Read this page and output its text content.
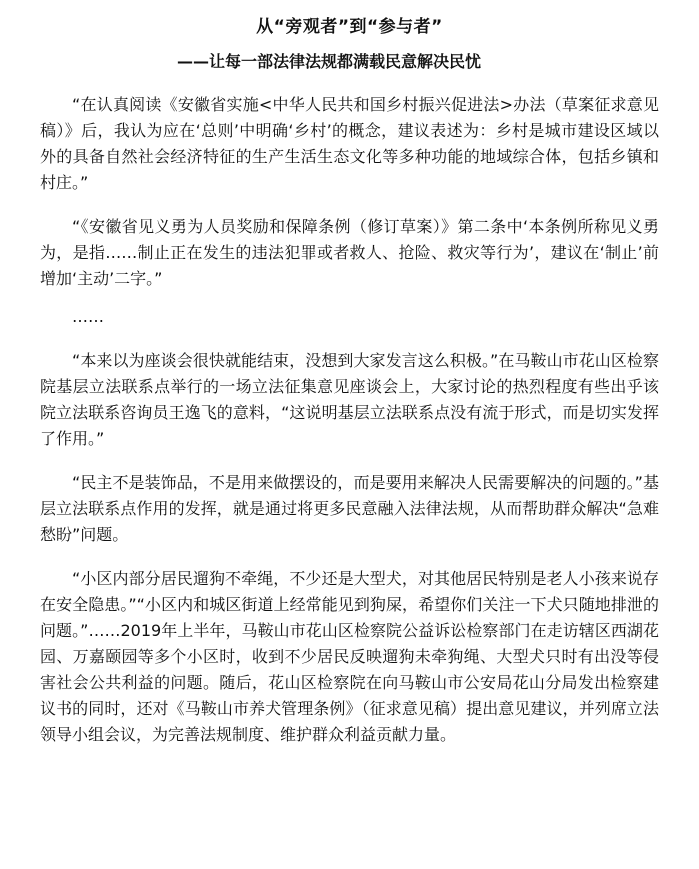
从“旁观者”到“参与者”
——让每一部法律法规都满载民意解决民忧

“在认真阅读《安徽省实施<中华人民共和国乡村振兴促进法>办法（草案征求意见稿）》后，我认为应在‘总则’中明确‘乡村’的概念，建议表述为：乡村是城市建设区域以外的具备自然社会经济特征的生产生活生态文化等多种功能的地域综合体，包括乡镇和村庄。”

“《安徽省见义勇为人员奖励和保障条例（修订草案）》第二条中‘本条例所称见义勇为，是指……制止正在发生的违法犯罪或者救人、抢险、救灾等行为’，建议在‘制止’前增加‘主动’二字。”

……

“本来以为座谈会很快就能结束，没想到大家发言这么积极。”在马鞍山市花山区检察院基层立法联系点举行的一场立法征集意见座谈会上，大家讨论的热烈程度有些出乎该院立法联系咨询员王逸飞的意料，“这说明基层立法联系点没有流于形式，而是切实发挥了作用。”

“民主不是装饰品，不是用来做摆设的，而是要用来解决人民需要解决的问题的。”基层立法联系点作用的发挥，就是通过将更多民意融入法律法规，从而帮助群众解决“急难愁盼”问题。

“小区内部分居民遛狗不牵绳，不少还是大型犬，对其他居民特别是老人小孩来说存在安全隐患。”“小区内和城区街道上经常能见到狗屎，希望你们关注一下犬只随地排泄的问题。”……2019年上半年，马鞍山市花山区检察院公益诉讼检察部门在走访辖区西湖花园、万嘉颐园等多个小区时，收到不少居民反映遛狗未牵狗绳、大型犬只时有出没等侵害社会公共利益的问题。随后，花山区检察院在向马鞍山市公安局花山分局发出检察建议书的同时，还对《马鞍山市养犬管理条例》（征求意见稿）提出意见建议，并列席立法领导小组会议，为完善法规制度、维护群众利益贡献力量。
